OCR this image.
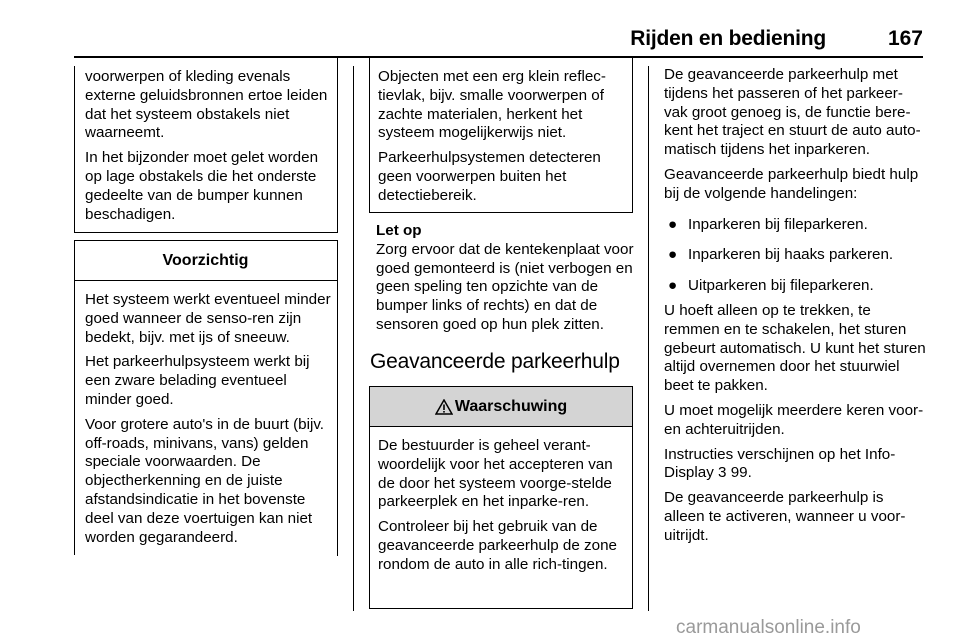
Rijden en bediening	167

voorwerpen of kleding evenals externe geluidsbronnen ertoe leiden dat het systeem obstakels niet waarneemt.

In het bijzonder moet gelet worden op lage obstakels die het onderste gedeelte van de bumper kunnen beschadigen.

Voorzichtig

Het systeem werkt eventueel minder goed wanneer de senso-ren zijn bedekt, bijv. met ijs of sneeuw.

Het parkeerhulpsysteem werkt bij een zware belading eventueel minder goed.

Voor grotere auto's in de buurt (bijv. off-roads, minivans, vans) gelden speciale voorwaarden. De objectherkenning en de juiste afstandsindicatie in het bovenste deel van deze voertuigen kan niet worden gegarandeerd.

Objecten met een erg klein reflec-tievlak, bijv. smalle voorwerpen of zachte materialen, herkent het systeem mogelijkerwijs niet.

Parkeerhulpsystemen detecteren geen voorwerpen buiten het detectiebereik.

Let op

Zorg ervoor dat de kentekenplaat voor goed gemonteerd is (niet verbogen en geen speling ten opzichte van de bumper links of rechts) en dat de sensoren goed op hun plek zitten.

Geavanceerde parkeerhulp

Waarschuwing

De bestuurder is geheel verant-woordelijk voor het accepteren van de door het systeem voorge-stelde parkeerplek en het inparke-ren.

Controleer bij het gebruik van de geavanceerde parkeerhulp de zone rondom de auto in alle rich-tingen.

De geavanceerde parkeerhulp met tijdens het passeren of het parkeer-vak groot genoeg is, de functie bere-kent het traject en stuurt de auto auto-matisch tijdens het inparkeren.

Geavanceerde parkeerhulp biedt hulp bij de volgende handelingen:

● Inparkeren bij fileparkeren.
● Inparkeren bij haaks parkeren.
● Uitparkeren bij fileparkeren.

U hoeft alleen op te trekken, te remmen en te schakelen, het sturen gebeurt automatisch. U kunt het sturen altijd overnemen door het stuurwiel beet te pakken.

U moet mogelijk meerdere keren voor- en achteruitrijden.

Instructies verschijnen op het Info-Display 3 99.

De geavanceerde parkeerhulp is alleen te activeren, wanneer u voor-uitrijdt.

carmanualsonline.info
